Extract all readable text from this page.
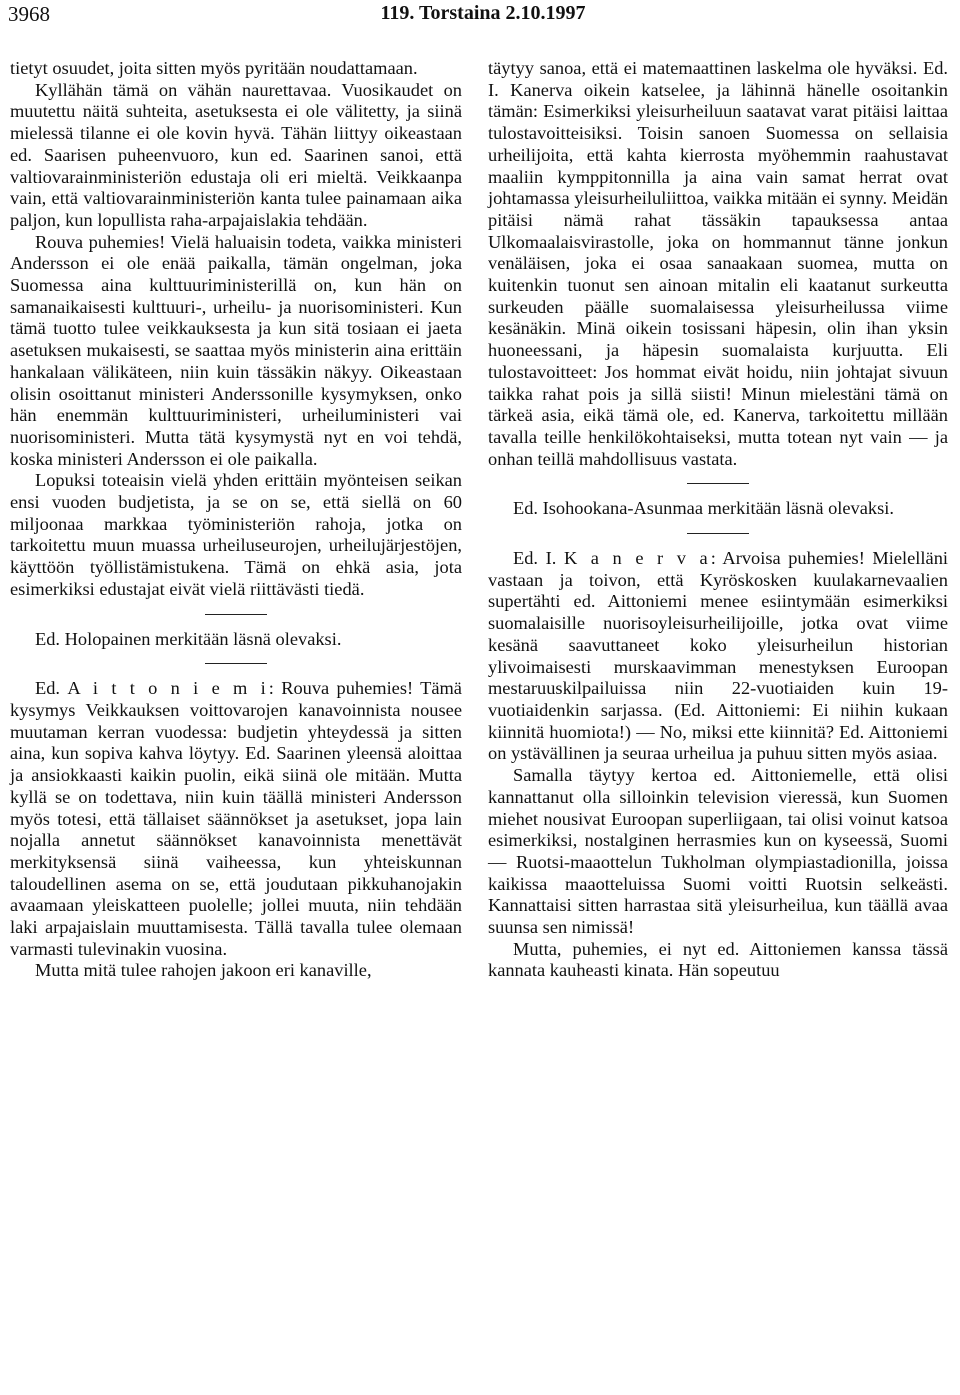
3968	119. Torstaina 2.10.1997

tietyt osuudet, joita sitten myös pyritään noudattamaan.

Kyllähän tämä on vähän naurettavaa. Vuosikaudet on muutettu näitä suhteita, asetuksesta ei ole välitetty, ja siinä mielessä tilanne ei ole kovin hyvä. Tähän liittyy oikeastaan ed. Saarisen puheenvuoro, kun ed. Saarinen sanoi, että valtiovarainministeriön edustaja oli eri mieltä. Veikkaanpa vain, että valtiovarainministeriön kanta tulee painamaan aika paljon, kun lopullista raha-arpajaislakia tehdään.

Rouva puhemies! Vielä haluaisin todeta, vaikka ministeri Andersson ei ole enää paikalla, tämän ongelman, joka Suomessa aina kulttuuriministerillä on, kun hän on samanaikaisesti kulttuuri-, urheilu- ja nuorisoministeri. Kun tämä tuotto tulee veikkauksesta ja kun sitä tosiaan ei jaeta asetuksen mukaisesti, se saattaa myös ministerin aina erittäin hankalaan välikäteen, niin kuin tässäkin näkyy. Oikeastaan olisin osoittanut ministeri Anderssonille kysymyksen, onko hän enemmän kulttuuriministeri, urheiluministeri vai nuorisoministeri. Mutta tätä kysymystä nyt en voi tehdä, koska ministeri Andersson ei ole paikalla.

Lopuksi toteaisin vielä yhden erittäin myönteisen seikan ensi vuoden budjetista, ja se on se, että siellä on 60 miljoonaa markkaa työministeriön rahoja, jotka on tarkoitettu muun muassa urheiluseurojen, urheilujärjestöjen, käyttöön työllistämistukena. Tämä on ehkä asia, jota esimerkiksi edustajat eivät vielä riittävästi tiedä.

Ed. Holopainen merkitään läsnä olevaksi.

Ed. A i t t o n i e m i: Rouva puhemies! Tämä kysymys Veikkauksen voittovarojen kanavoinnista nousee muutaman kerran vuodessa: budjetin yhteydessä ja sitten aina, kun sopiva kahva löytyy. Ed. Saarinen yleensä aloittaa ja ansiokkaasti kaikin puolin, eikä siinä ole mitään. Mutta kyllä se on todettava, niin kuin täällä ministeri Andersson myös totesi, että tällaiset säännökset ja asetukset, jopa lain nojalla annetut säännökset kanavoinnista menettävät merkityksensä siinä vaiheessa, kun yhteiskunnan taloudellinen asema on se, että joudutaan pikkuhanojakin avaamaan yleiskatteen puolelle; jollei muuta, niin tehdään laki arpajaislain muuttamisesta. Tällä tavalla tulee olemaan varmasti tulevinakin vuosina.

Mutta mitä tulee rahojen jakoon eri kanaville,

täytyy sanoa, että ei matemaattinen laskelma ole hyväksi. Ed. I. Kanerva oikein katselee, ja lähinnä hänelle osoitankin tämän: Esimerkiksi yleisurheiluun saatavat varat pitäisi laittaa tulostavoitteisiksi. Toisin sanoen Suomessa on sellaisia urheilijoita, että kahta kierrosta myöhemmin raahustavat maaliin kymppitonnilla ja aina vain samat herrat ovat johtamassa yleisurheiluliittoa, vaikka mitään ei synny. Meidän pitäisi nämä rahat tässäkin tapauksessa antaa Ulkomaalaisvirastolle, joka on hommannut tänne jonkun venäläisen, joka ei osaa sanaakaan suomea, mutta on kuitenkin tuonut sen ainoan mitalin eli kaatanut surkeutta surkeuden päälle suomalaisessa yleisurheilussa viime kesänäkin. Minä oikein tosissani häpesin, olin ihan yksin huoneessani, ja häpesin suomalaista kurjuutta. Eli tulostavoitteet: Jos hommat eivät hoidu, niin johtajat sivuun taikka rahat pois ja sillä siisti! Minun mielestäni tämä on tärkeä asia, eikä tämä ole, ed. Kanerva, tarkoitettu millään tavalla teille henkilökohtaiseksi, mutta totean nyt vain — ja onhan teillä mahdollisuus vastata.

Ed. Isohookana-Asunmaa merkitään läsnä olevaksi.

Ed. I. K a n e r v a: Arvoisa puhemies! Mielelläni vastaan ja toivon, että Kyröskosken kuulakarnevaalien supertähti ed. Aittoniemi menee esiintymään esimerkiksi suomalaisille nuorisoyleisurheilijoille, jotka ovat viime kesänä saavuttaneet koko yleisurheilun historian ylivoimaisesti murskaavimman menestyksen Euroopan mestaruuskilpailuissa niin 22-vuotiaiden kuin 19-vuotiaidenkin sarjassa. (Ed. Aittoniemi: Ei niihin kukaan kiinnitä huomiota!) — No, miksi ette kiinnitä? Ed. Aittoniemi on ystävällinen ja seuraa urheilua ja puhuu sitten myös asiaa.

Samalla täytyy kertoa ed. Aittoniemelle, että olisi kannattanut olla silloinkin television vieressä, kun Suomen miehet nousivat Euroopan superliigaan, tai olisi voinut katsoa esimerkiksi, nostalginen herrasmies kun on kyseessä, Suomi — Ruotsi-maaottelun Tukholman olympiastadionilla, joissa kaikissa maaotteluissa Suomi voitti Ruotsin selkeästi. Kannattaisi sitten harrastaa sitä yleisurheilua, kun täällä avaa suunsa sen nimissä!

Mutta, puhemies, ei nyt ed. Aittoniemen kanssa tässä kannata kauheasti kinata. Hän sopeutuu
